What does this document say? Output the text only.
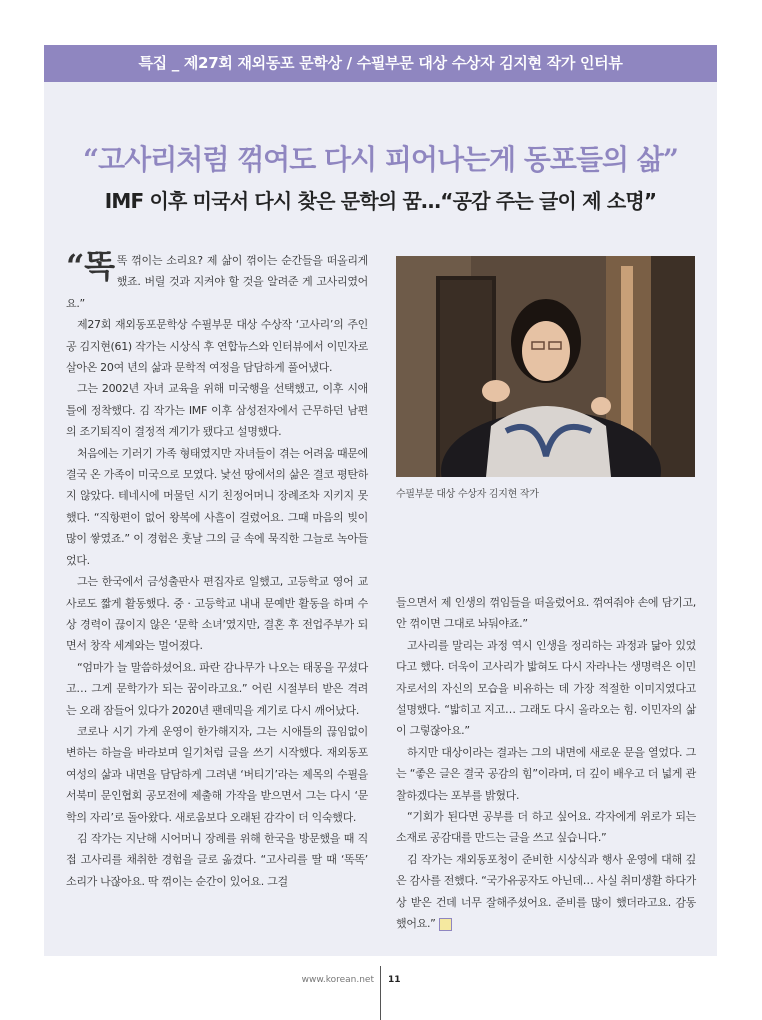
특집 _ 제27회 재외동포 문학상 / 수필부문 대상 수상자 김지현 작가 인터뷰
“고사리처럼 꺾여도 다시 피어나는게 동포들의 삶”
IMF 이후 미국서 다시 찾은 문학의 꿈…“공감 주는 글이 제 소명”

“똑똑 꺾이는 소리요? 제 삶이 꺾이는 순간들을 떠올리게 했죠. 버릴 것과 지켜야 할 것을 알려준 게 고사리였어요.”

제27회 재외동포문학상 수필부문 대상 수상작 ‘고사리’의 주인공 김지현(61) 작가는 시상식 후 연합뉴스와 인터뷰에서 이민자로 살아온 20여 년의 삶과 문학적 여정을 담담하게 풀어냈다.

그는 2002년 자녀 교육을 위해 미국행을 선택했고, 이후 시애틀에 정착했다. 김 작가는 IMF 이후 삼성전자에서 근무하던 남편의 조기퇴직이 결정적 계기가 됐다고 설명했다.

처음에는 기러기 가족 형태였지만 자녀들이 겪는 어려움 때문에 결국 온 가족이 미국으로 모였다. 낯선 땅에서의 삶은 결코 평탄하지 않았다. 테네시에 머물던 시기 친정어머니 장례조차 지키지 못했다. “직항편이 없어 왕복에 사흘이 걸렸어요. 그때 마음의 빚이 많이 쌓였죠.” 이 경험은 훗날 그의 글 속에 묵직한 그늘로 녹아들었다.

그는 한국에서 금성출판사 편집자로 일했고, 고등학교 영어 교사로도 짧게 활동했다. 중 · 고등학교 내내 문예반 활동을 하며 수상 경력이 끊이지 않은 ‘문학 소녀’였지만, 결혼 후 전업주부가 되면서 창작 세계와는 멀어졌다.

“엄마가 늘 말씀하셨어요. 파란 감나무가 나오는 태몽을 꾸셨다고… 그게 문학가가 되는 꿈이라고요.” 어린 시절부터 받은 격려는 오래 잠들어 있다가 2020년 팬데믹을 계기로 다시 깨어났다.

코로나 시기 가게 운영이 한가해지자, 그는 시애틀의 끊임없이 변하는 하늘을 바라보며 일기처럼 글을 쓰기 시작했다. 재외동포 여성의 삶과 내면을 담담하게 그려낸 ‘버티기’라는 제목의 수필을 서북미 문인협회 공모전에 제출해 가작을 받으면서 그는 다시 ‘문학의 자리’로 돌아왔다. 새로움보다 오래된 감각이 더 익숙했다.

김 작가는 지난해 시어머니 장례를 위해 한국을 방문했을 때 직접 고사리를 채취한 경험을 글로 옮겼다. “고사리를 딸 때 ‘똑똑’ 소리가 나잖아요. 딱 꺾이는 순간이 있어요. 그걸

수필부문 대상 수상자 김지현 작가

들으면서 제 인생의 꺾임들을 떠올렸어요. 꺾여줘야 손에 담기고, 안 꺾이면 그대로 놔둬야죠.”

고사리를 말리는 과정 역시 인생을 정리하는 과정과 닮아 있었다고 했다. 더욱이 고사리가 밟혀도 다시 자라나는 생명력은 이민자로서의 자신의 모습을 비유하는 데 가장 적절한 이미지였다고 설명했다. “밟히고 지고… 그래도 다시 올라오는 힘. 이민자의 삶이 그렇잖아요.”

하지만 대상이라는 결과는 그의 내면에 새로운 문을 열었다. 그는 “좋은 글은 결국 공감의 힘”이라며, 더 깊이 배우고 더 넓게 관찰하겠다는 포부를 밝혔다.

“기회가 된다면 공부를 더 하고 싶어요. 각자에게 위로가 되는 소재로 공감대를 만드는 글을 쓰고 싶습니다.”

김 작가는 재외동포청이 준비한 시상식과 행사 운영에 대해 깊은 감사를 전했다. “국가유공자도 아닌데… 사실 취미생활 하다가 상 받은 건데 너무 잘해주셨어요. 준비를 많이 했더라고요. 감동했어요.”

www.korean.net 11
